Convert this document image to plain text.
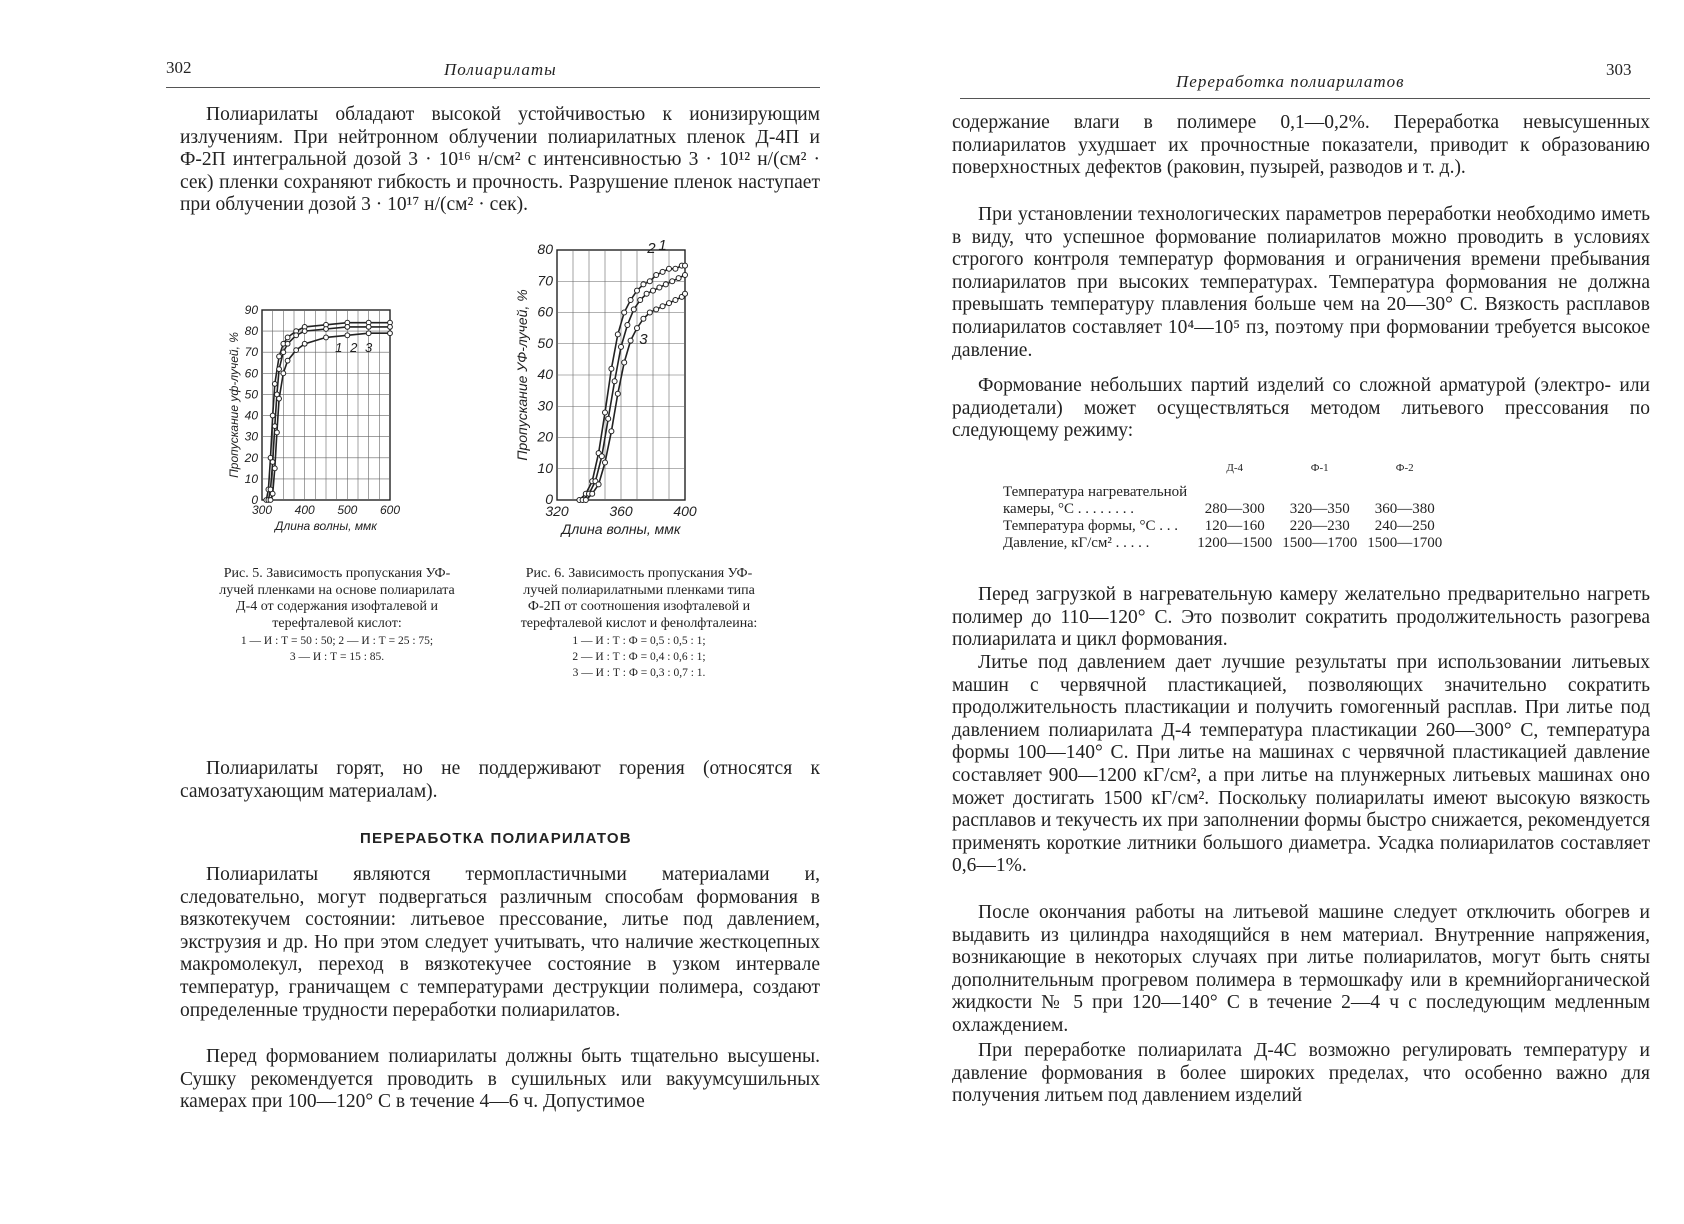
302	Полиарилаты
Полиарилаты обладают высокой устойчивостью к ионизирующим излучениям. При нейтронном облучении полиарилатных пленок Д-4П и Ф-2П интегральной дозой 3 · 10¹⁶ н/см² с интенсивностью 3 · 10¹² н/(см² · сек) пленки сохраняют гибкость и прочность. Разрушение пленок наступает при облучении дозой 3 · 10¹⁷ н/(см² · сек).
0
10
20
30
40
50
60
70
80
90
300 400 500 600
Длина волны, ммк
Пропускание уф-лучей, %	1 2 3
Рис. 5. Зависимость пропускания УФ-лучей пленками на основе полиарилата Д-4 от содержания изофталевой и терефталевой кислот:
1 — И : Т = 50 : 50; 2 — И : Т = 25 : 75;
3 — И : Т = 15 : 85.
0
10
20
30
40
50
60
70
80
320	360	400
Длина волны, ммк
Пропускание УФ-лучей, %
1
2
3
Рис. 6. Зависимость пропускания УФ-лучей полиарилатными пленками типа Ф-2П от соотношения изофталевой и терефталевой кислот и фенолфталеина:
1 — И : Т : Ф = 0,5 : 0,5 : 1;
2 — И : Т : Ф = 0,4 : 0,6 : 1;
3 — И : Т : Ф = 0,3 : 0,7 : 1.
Полиарилаты горят, но не поддерживают горения (относятся к самозатухающим материалам).
ПЕРЕРАБОТКА ПОЛИАРИЛАТОВ
Полиарилаты являются термопластичными материалами и, следовательно, могут подвергаться различным способам формования в вязкотекучем состоянии: литьевое прессование, литье под давлением, экструзия и др. Но при этом следует учитывать, что наличие жесткоцепных макромолекул, переход в вязкотекучее состояние в узком интервале температур, граничащем с температурами деструкции полимера, создают определенные трудности переработки полиарилатов.
Перед формованием полиарилаты должны быть тщательно высушены. Сушку рекомендуется проводить в сушильных или вакуумсушильных камерах при 100—120° С в течение 4—6 ч. Допустимое
Переработка полиарилатов
303
содержание влаги в полимере 0,1—0,2%. Переработка невысушенных полиарилатов ухудшает их прочностные показатели, приводит к образованию поверхностных дефектов (раковин, пузырей, разводов и т. д.).
При установлении технологических параметров переработки необходимо иметь в виду, что успешное формование полиарилатов можно проводить в условиях строгого контроля температур формования и ограничения времени пребывания полиарилатов при высоких температурах. Температура формования не должна превышать температуру плавления больше чем на 20—30° С. Вязкость расплавов полиарилатов составляет 10⁴—10⁵ пз, поэтому при формовании требуется высокое давление.
Формование небольших партий изделий со сложной арматурой (электро- или радиодетали) может осуществляться методом литьевого прессования по следующему режиму:
	Д-4	Ф-1	Ф-2
Температура нагревательной
камеры, °С . . . . . . . .	280—300	320—350	360—380
Температура формы, °С . . .	120—160	220—230	240—250
Давление, кГ/см² . . . . .	1200—1500	1500—1700	1500—1700
Перед загрузкой в нагревательную камеру желательно предварительно нагреть полимер до 110—120° С. Это позволит сократить продолжительность разогрева полиарилата и цикл формования.
Литье под давлением дает лучшие результаты при использовании литьевых машин с червячной пластикацией, позволяющих значительно сократить продолжительность пластикации и получить гомогенный расплав. При литье под давлением полиарилата Д-4 температура пластикации 260—300° С, температура формы 100—140° С. При литье на машинах с червячной пластикацией давление составляет 900—1200 кГ/см², а при литье на плунжерных литьевых машинах оно может достигать 1500 кГ/см². Поскольку полиарилаты имеют высокую вязкость расплавов и текучесть их при заполнении формы быстро снижается, рекомендуется применять короткие литники большого диаметра. Усадка полиарилатов составляет 0,6—1%.
После окончания работы на литьевой машине следует отключить обогрев и выдавить из цилиндра находящийся в нем материал. Внутренние напряжения, возникающие в некоторых случаях при литье полиарилатов, могут быть сняты дополнительным прогревом полимера в термошкафу или в кремнийорганической жидкости № 5 при 120—140° С в течение 2—4 ч с последующим медленным охлаждением.
При переработке полиарилата Д-4С возможно регулировать температуру и давление формования в более широких пределах, что особенно важно для получения литьем под давлением изделий
